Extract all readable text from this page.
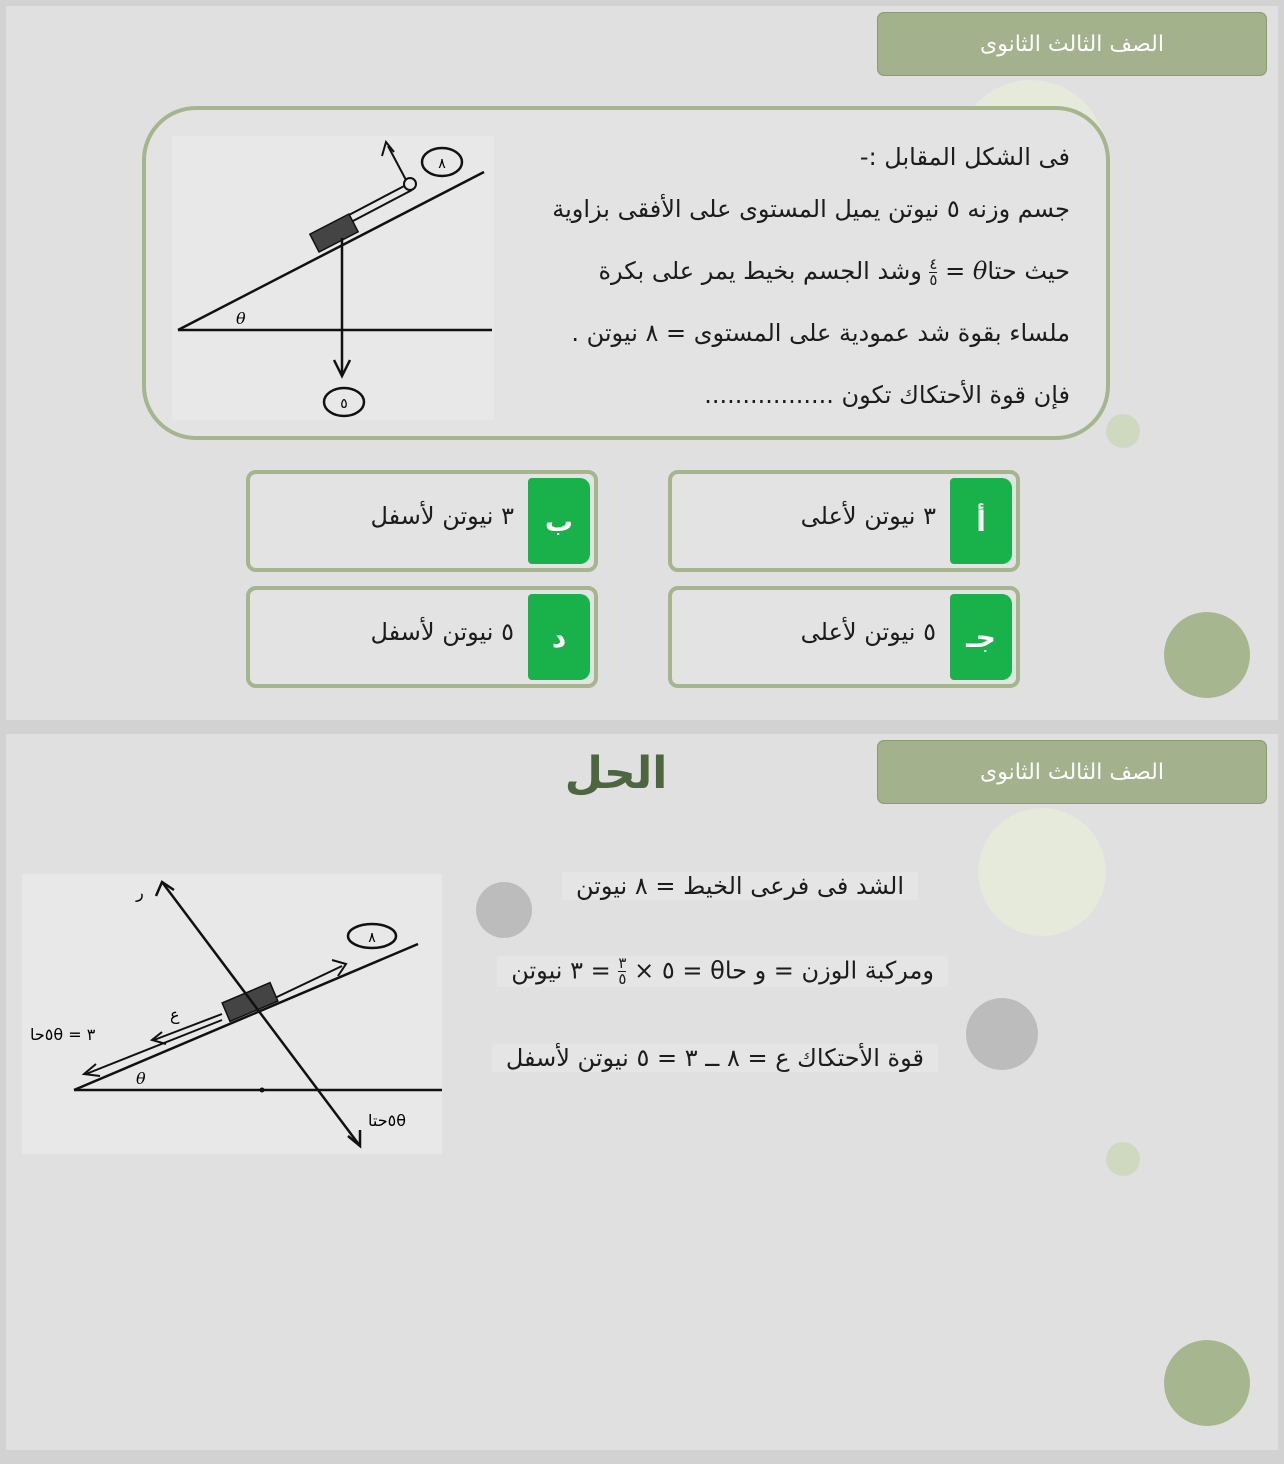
الصف الثالث الثانوى
٨
٥
θ
فى الشكل المقابل :-
جسم وزنه ٥ نيوتن يميل المستوى على الأفقى بزاوية
حيث حتاθ =
$\frac{٤}{٥}$
وشد الجسم بخيط يمر على بكرة
ملساء بقوة شد عمودية على المستوى = ٨ نيوتن .
فإن قوة الأحتكاك تكون .................
أ
٣ نيوتن لأعلى
ب
٣ نيوتن لأسفل
جـ
٥ نيوتن لأعلى
د
٥ نيوتن لأسفل
الصف الثالث الثانوى
الحل
٨
ر
ع
٥حاθ = ٣
θ
٥حتاθ
الشد فى فرعى الخيط = ٨ نيوتن
ومركبة الوزن = و حاθ = ٥ ×
$\frac{٣}{٥}$
= ٣ نيوتن
قوة الأحتكاك ع = ٨ ــ ٣ = ٥ نيوتن لأسفل
